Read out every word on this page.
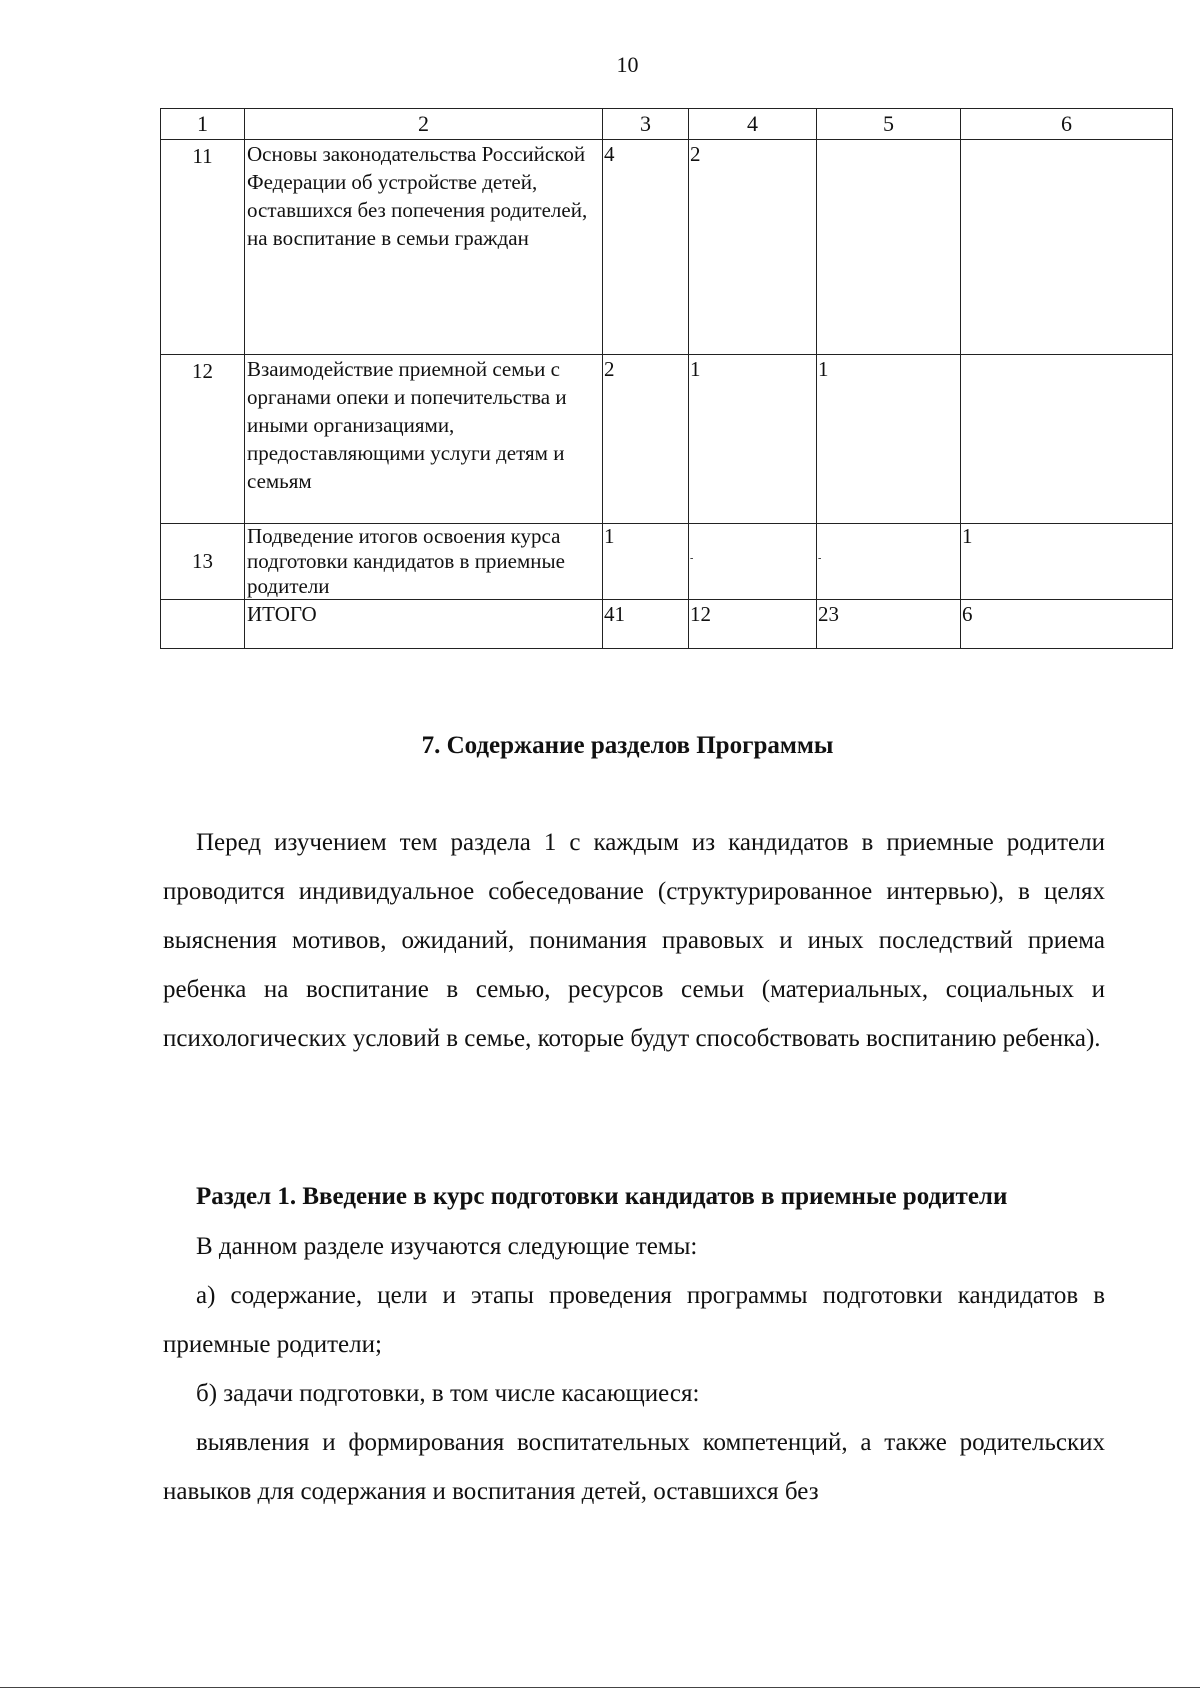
10
1	2	3	4	5	6
11	Основы законодательства Российской Федерации об устройстве детей, оставшихся без попечения родителей, на воспитание в семьи граждан	4	2		
12	Взаимодействие приемной семьи с органами опеки и попечительства и иными организациями, предоставляющими услуги детям и семьям	2	1	1	
13	Подведение итогов освоения курса подготовки кандидатов в приемные родители	1	-	-	1
	ИТОГО	41	12	23	6
7. Содержание разделов Программы

Перед изучением тем раздела 1 с каждым из кандидатов в приемные родители проводится индивидуальное собеседование (структурированное интервью), в целях выяснения мотивов, ожиданий, понимания правовых и иных последствий приема ребенка на воспитание в семью, ресурсов семьи (материальных, социальных и психологических условий в семье, которые будут способствовать воспитанию ребенка).

Раздел 1. Введение в курс подготовки кандидатов в приемные родители

В данном разделе изучаются следующие темы:

а) содержание, цели и этапы проведения программы подготовки кандидатов в приемные родители;

б) задачи подготовки, в том числе касающиеся:

выявления и формирования воспитательных компетенций, а также родительских навыков для содержания и воспитания детей, оставшихся без
